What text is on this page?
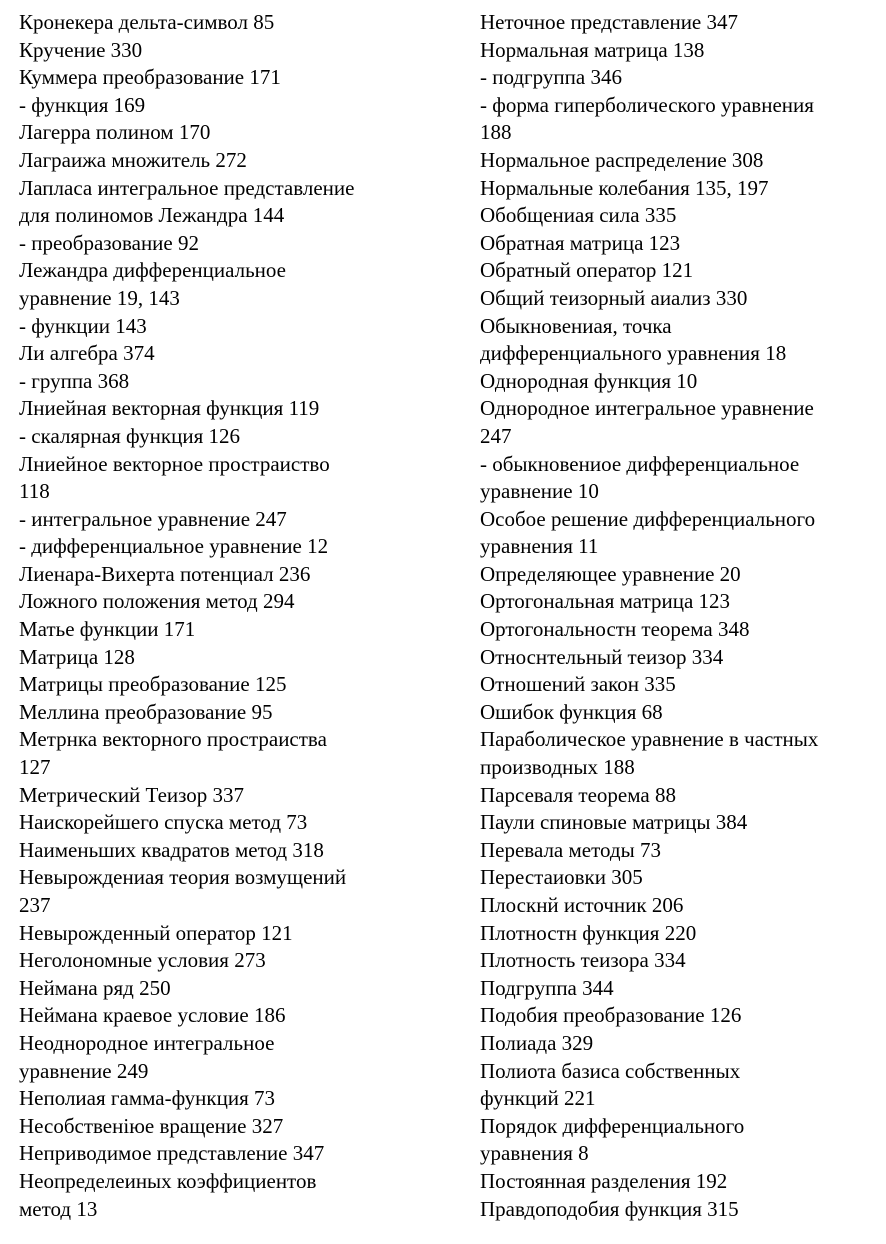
Кронекера дельта-символ 85
Кручение 330
Куммера преобразование 171
- функция 169
Лагерра полином 170
Лаграижа множитель 272
Лапласа интегральное представление
для полиномов Лежандра 144
- преобразование 92
Лежандра дифференциальное
уравнение 19, 143
- функции 143
Ли алгебра 374
- группа 368
Лниейная векторная функция 119
- скалярная функция 126
Лниейное векторное простраиство
118
- интегральное уравнение 247
- дифференциальное уравнение 12
Лиенара-Вихерта потенциал 236
Ложного положения метод 294
Матье функции 171
Матрица 128
Матрицы преобразование 125
Меллина преобразование 95
Метрнка векторного простраиства
127
Метрический Теизор 337
Наискорейшего спуска метод 73
Наименьших квадратов метод 318
Невырождениая теория возмущений
237
Невырожденный оператор 121
Неголономные условия 273
Неймана ряд 250
Неймана краевое условие 186
Неоднородное интегральное
уравнение 249
Неполиая гамма-функция 73
Несобственіюе вращение 327
Неприводимое представление 347
Неопределеиных коэффициентов
метод 13
Неточное представление 347
Нормальная матрица 138
- подгруппа 346
- форма гиперболического уравнения
188
Нормальное распределение 308
Нормальные колебания 135, 197
Обобщениая сила 335
Обратная матрица 123
Обратный оператор 121
Общий теизорный аиализ 330
Обыкновениая, точка
дифференциального уравнения 18
Однородная функция 10
Однородное интегральное уравнение
247
- обыкновениое дифференциальное
уравнение 10
Особое решение дифференциального
уравнения 11
Определяющее уравнение 20
Ортогональная матрица 123
Ортогональностн теорема 348
Относнтельный теизор 334
Отношений закон 335
Ошибок функция 68
Параболическое уравнение в частных
производных 188
Парсеваля теорема 88
Паули спиновые матрицы 384
Перевала методы 73
Перестаиовки 305
Плоскнй источник 206
Плотностн функция 220
Плотность теизора 334
Подгруппа 344
Подобия преобразование 126
Полиада 329
Полиота базиса собственных
функций 221
Порядок дифференциального
уравнения 8
Постоянная разделения 192
Правдоподобия функция 315
